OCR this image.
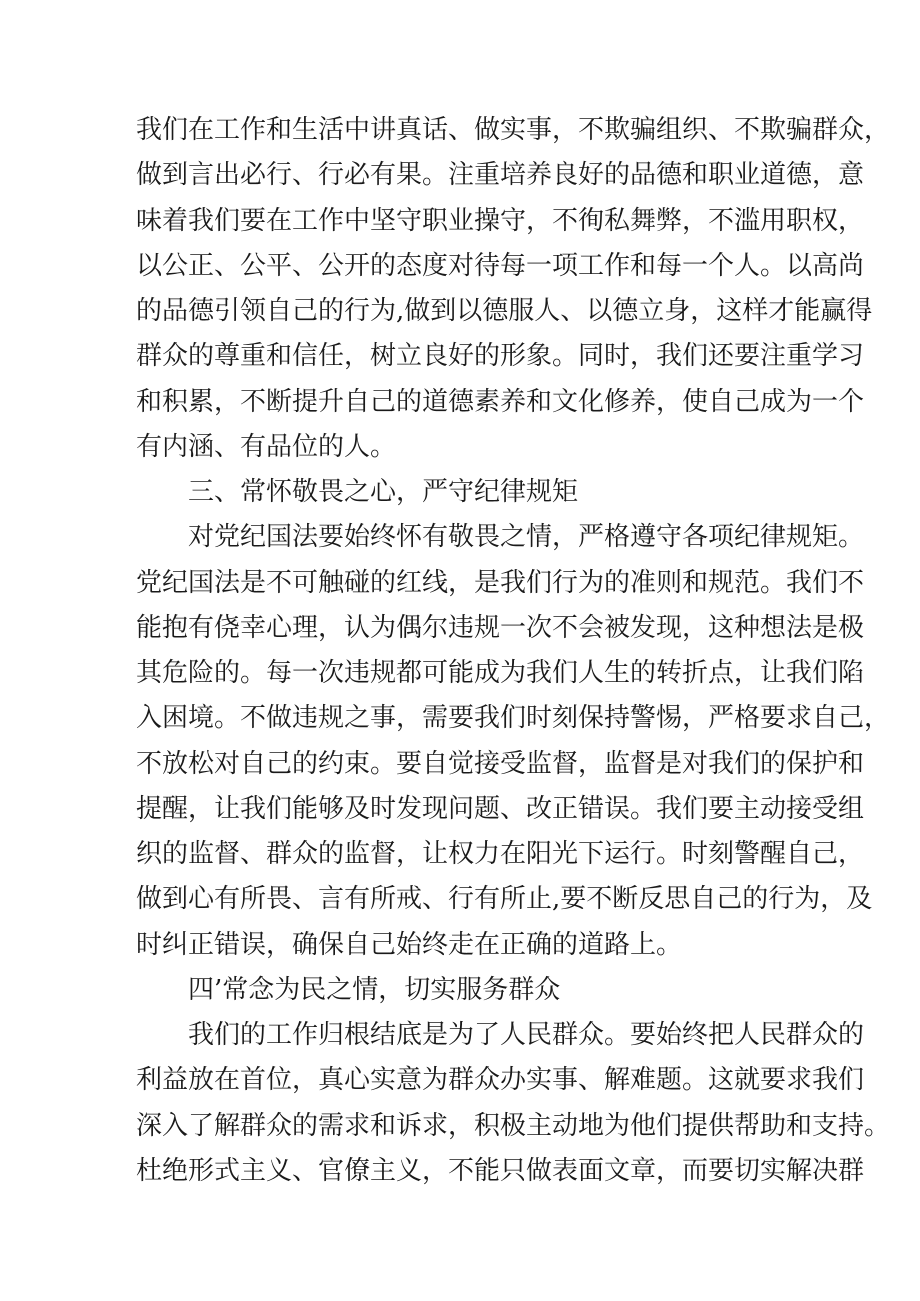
我们在工作和生活中讲真话、做实事，不欺骗组织、不欺骗群众，
做到言出必行、行必有果。注重培养良好的品德和职业道德，意
味着我们要在工作中坚守职业操守，不徇私舞弊，不滥用职权，
以公正、公平、公开的态度对待每一项工作和每一个人。以高尚
的品德引领自己的行为,做到以德服人、以德立身，这样才能赢得
群众的尊重和信任，树立良好的形象。同时，我们还要注重学习
和积累，不断提升自己的道德素养和文化修养，使自己成为一个
有内涵、有品位的人。
三、常怀敬畏之心，严守纪律规矩
对党纪国法要始终怀有敬畏之情，严格遵守各项纪律规矩。
党纪国法是不可触碰的红线，是我们行为的准则和规范。我们不
能抱有侥幸心理，认为偶尔违规一次不会被发现，这种想法是极
其危险的。每一次违规都可能成为我们人生的转折点，让我们陷
入困境。不做违规之事，需要我们时刻保持警惕，严格要求自己，
不放松对自己的约束。要自觉接受监督，监督是对我们的保护和
提醒，让我们能够及时发现问题、改正错误。我们要主动接受组
织的监督、群众的监督，让权力在阳光下运行。时刻警醒自己，
做到心有所畏、言有所戒、行有所止,要不断反思自己的行为，及
时纠正错误，确保自己始终走在正确的道路上。
四’常念为民之情，切实服务群众
我们的工作归根结底是为了人民群众。要始终把人民群众的
利益放在首位，真心实意为群众办实事、解难题。这就要求我们
深入了解群众的需求和诉求，积极主动地为他们提供帮助和支持。
杜绝形式主义、官僚主义，不能只做表面文章，而要切实解决群
